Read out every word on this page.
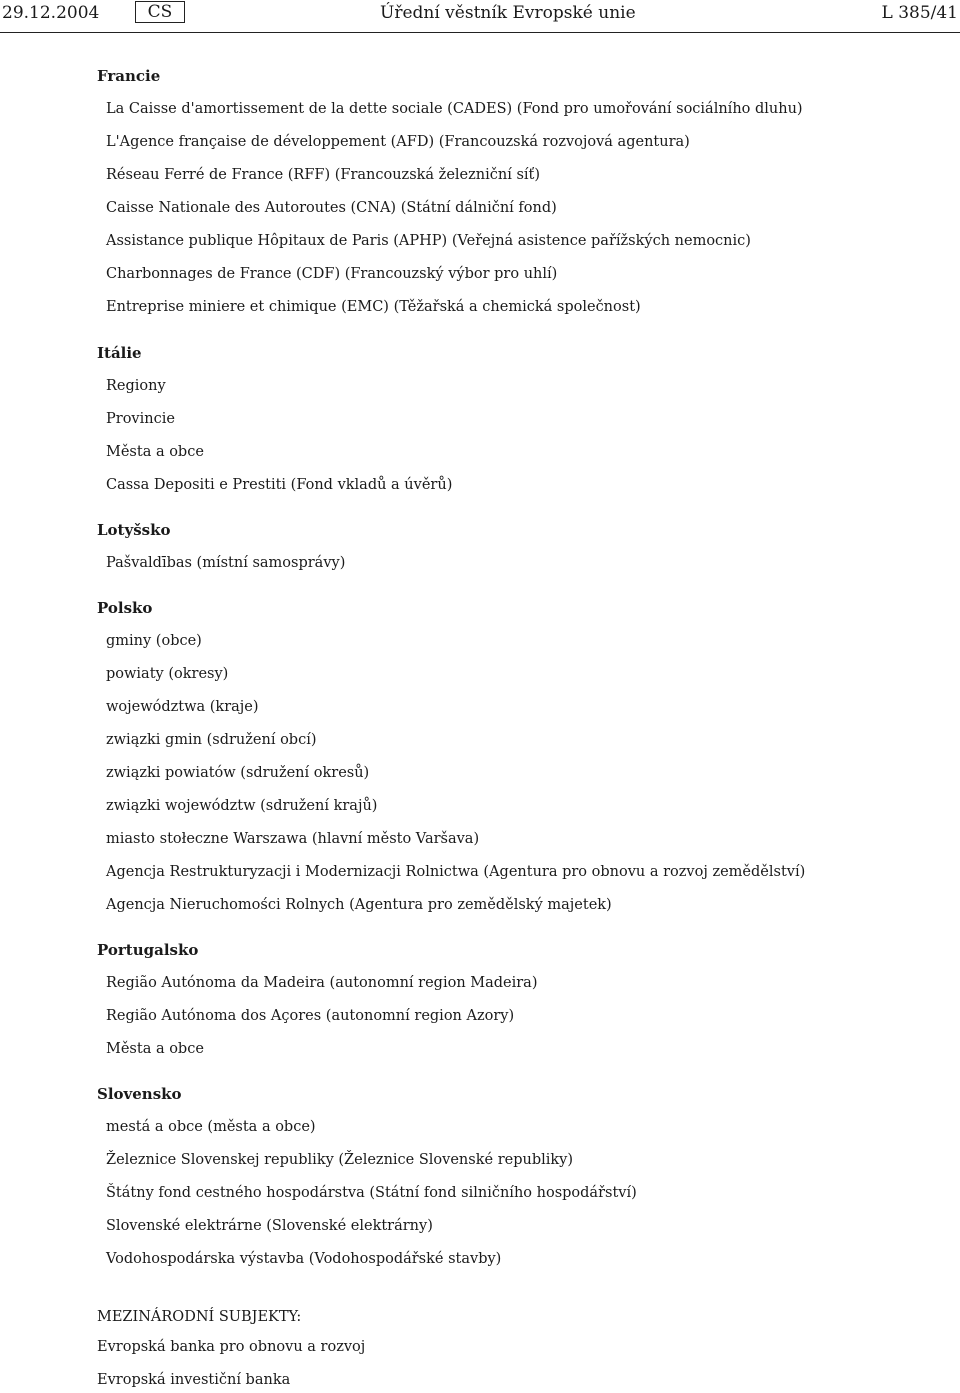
29.12.2004	CS	Úřední věstník Evropské unie	L 385/41
Francie
La Caisse d'amortissement de la dette sociale (CADES) (Fond pro umořování sociálního dluhu)
L'Agence française de développement (AFD) (Francouzská rozvojová agentura)
Réseau Ferré de France (RFF) (Francouzská železniční síť)
Caisse Nationale des Autoroutes (CNA) (Státní dálniční fond)
Assistance publique Hôpitaux de Paris (APHP) (Veřejná asistence pařížských nemocnic)
Charbonnages de France (CDF) (Francouzský výbor pro uhlí)
Entreprise miniere et chimique (EMC) (Těžařská a chemická společnost)
Itálie
Regiony
Provincie
Města a obce
Cassa Depositi e Prestiti (Fond vkladů a úvěrů)
Lotyšsko
Pašvaldības (místní samosprávy)
Polsko
gminy (obce)
powiaty (okresy)
województwa (kraje)
związki gmin (sdružení obcí)
związki powiatów (sdružení okresů)
związki województw (sdružení krajů)
miasto stołeczne Warszawa (hlavní město Varšava)
Agencja Restrukturyzacji i Modernizacji Rolnictwa (Agentura pro obnovu a rozvoj zemědělství)
Agencja Nieruchomości Rolnych (Agentura pro zemědělský majetek)
Portugalsko
Região Autónoma da Madeira (autonomní region Madeira)
Região Autónoma dos Açores (autonomní region Azory)
Města a obce
Slovensko
mestá a obce (města a obce)
Železnice Slovenskej republiky (Železnice Slovenské republiky)
Štátny fond cestného hospodárstva (Státní fond silničního hospodářství)
Slovenské elektrárne (Slovenské elektrárny)
Vodohospodárska výstavba (Vodohospodářské stavby)
MEZINÁRODNÍ SUBJEKTY:
Evropská banka pro obnovu a rozvoj
Evropská investiční banka
